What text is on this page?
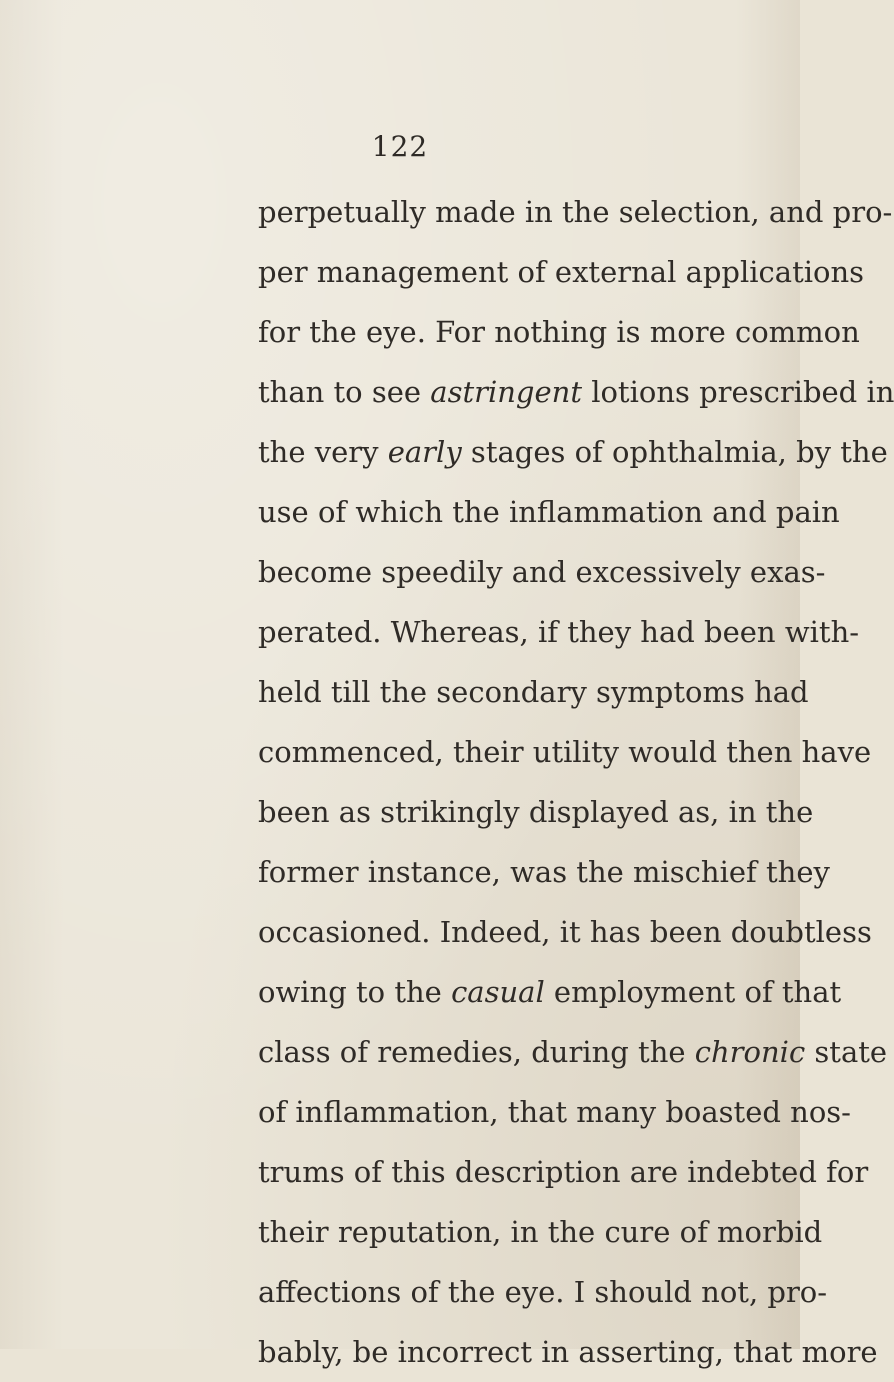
122

perpetually made in the selection, and pro-
per management of external applications
for the eye. For nothing is more common
than to see astringent lotions prescribed in
the very early stages of ophthalmia, by the
use of which the inflammation and pain
become speedily and excessively exas-
perated. Whereas, if they had been with-
held till the secondary symptoms had
commenced, their utility would then have
been as strikingly displayed as, in the
former instance, was the mischief they
occasioned. Indeed, it has been doubtless
owing to the casual employment of that
class of remedies, during the chronic state
of inflammation, that many boasted nos-
trums of this description are indebted for
their reputation, in the cure of morbid
affections of the eye. I should not, pro-
bably, be incorrect in asserting, that more
